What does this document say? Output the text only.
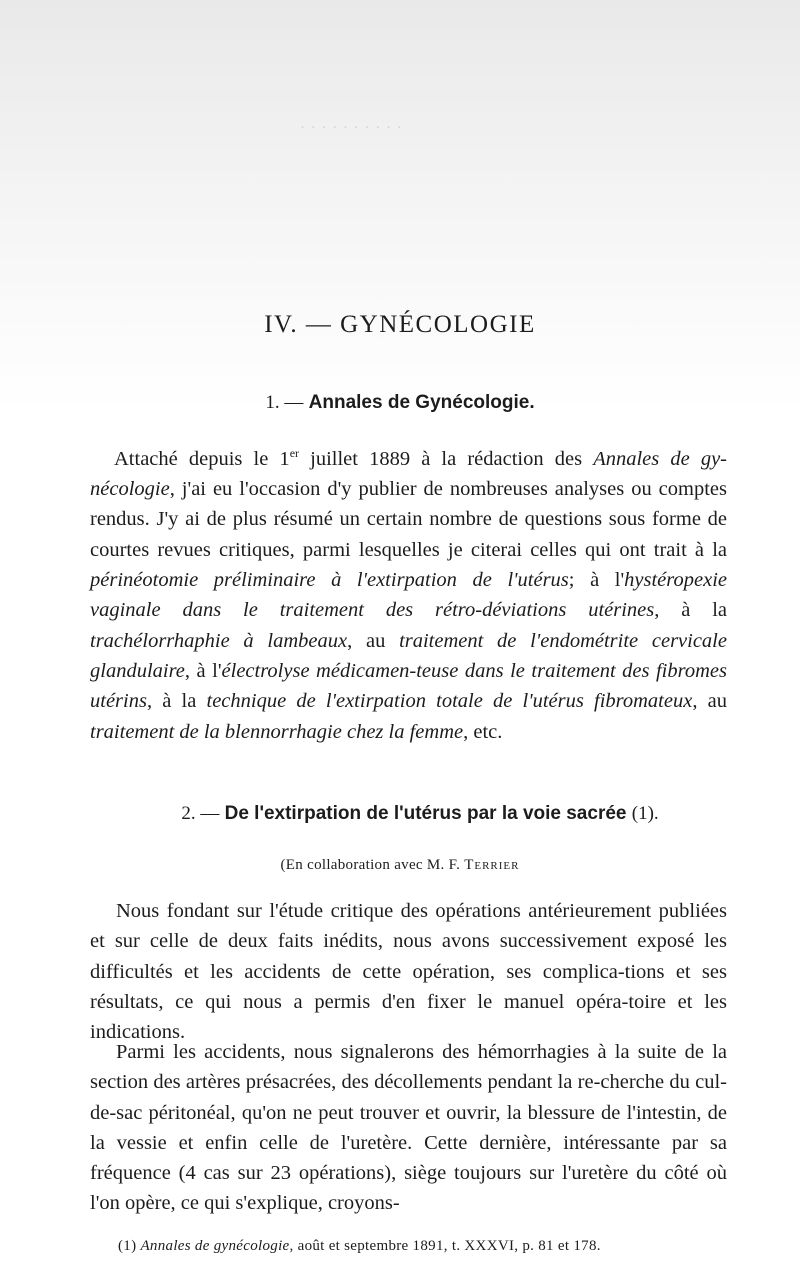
· · · · · · · · · ·
IV. — GYNÉCOLOGIE
1. — Annales de Gynécologie.

Attaché depuis le 1er juillet 1889 à la rédaction des Annales de gy-nécologie, j'ai eu l'occasion d'y publier de nombreuses analyses ou comptes rendus. J'y ai de plus résumé un certain nombre de questions sous forme de courtes revues critiques, parmi lesquelles je citerai celles qui ont trait à la périnéotomie préliminaire à l'extirpation de l'utérus; à l'hystéropexie vaginale dans le traitement des rétro-déviations utérines, à la trachélorrhaphie à lambeaux, au traitement de l'endométrite cervicale glandulaire, à l'électrolyse médicamen-teuse dans le traitement des fibromes utérins, à la technique de l'extirpation totale de l'utérus fibromateux, au traitement de la blennorrhagie chez la femme, etc.

2. — De l'extirpation de l'utérus par la voie sacrée (1).
(En collaboration avec M. F. Terrier

Nous fondant sur l'étude critique des opérations antérieurement publiées et sur celle de deux faits inédits, nous avons successivement exposé les difficultés et les accidents de cette opération, ses complica-tions et ses résultats, ce qui nous a permis d'en fixer le manuel opéra-toire et les indications.

Parmi les accidents, nous signalerons des hémorrhagies à la suite de la section des artères présacrées, des décollements pendant la re-cherche du cul-de-sac péritonéal, qu'on ne peut trouver et ouvrir, la blessure de l'intestin, de la vessie et enfin celle de l'uretère. Cette dernière, intéressante par sa fréquence (4 cas sur 23 opérations), siège toujours sur l'uretère du côté où l'on opère, ce qui s'explique, croyons-

(1) Annales de gynécologie, août et septembre 1891, t. XXXVI, p. 81 et 178.
